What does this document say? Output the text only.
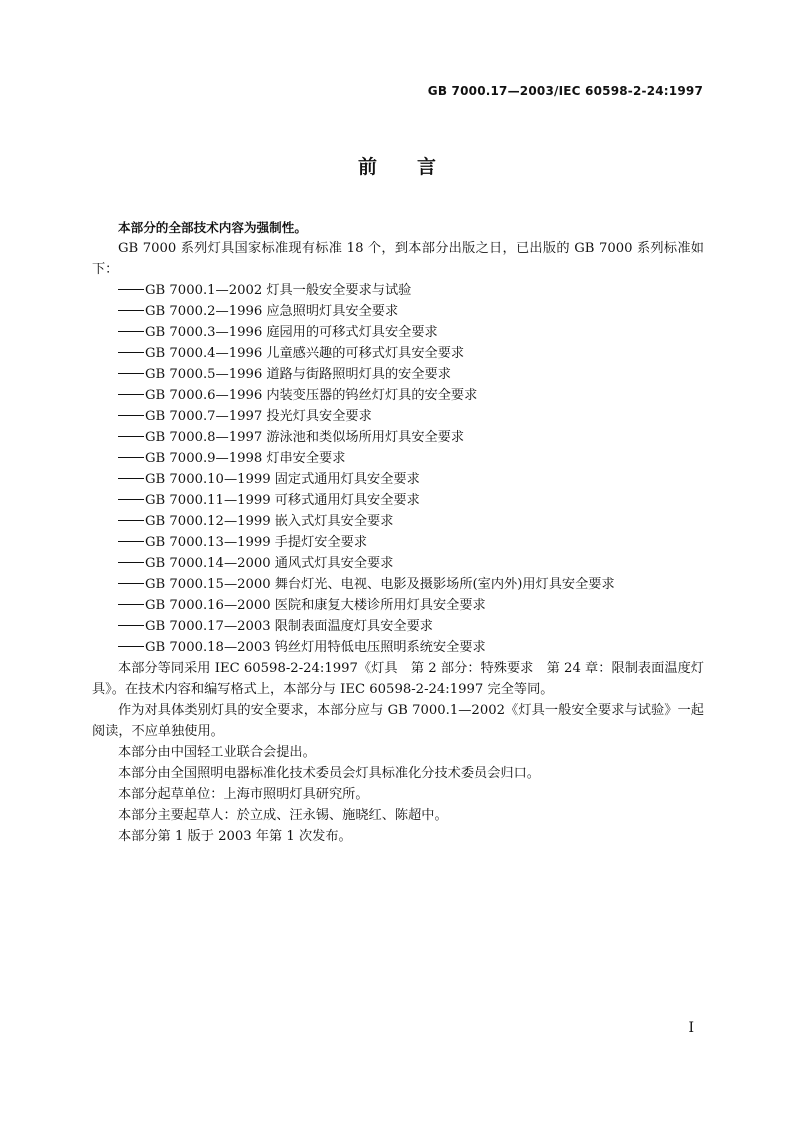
GB 7000.17—2003/IEC 60598-2-24:1997
前言

本部分的全部技术内容为强制性。

GB 7000 系列灯具国家标准现有标准 18 个，到本部分出版之日，已出版的 GB 7000 系列标准如下：

GB 7000.1—2002 灯具一般安全要求与试验
GB 7000.2—1996 应急照明灯具安全要求
GB 7000.3—1996 庭园用的可移式灯具安全要求
GB 7000.4—1996 儿童感兴趣的可移式灯具安全要求
GB 7000.5—1996 道路与街路照明灯具的安全要求
GB 7000.6—1996 内装变压器的钨丝灯灯具的安全要求
GB 7000.7—1997 投光灯具安全要求
GB 7000.8—1997 游泳池和类似场所用灯具安全要求
GB 7000.9—1998 灯串安全要求
GB 7000.10—1999 固定式通用灯具安全要求
GB 7000.11—1999 可移式通用灯具安全要求
GB 7000.12—1999 嵌入式灯具安全要求
GB 7000.13—1999 手提灯安全要求
GB 7000.14—2000 通风式灯具安全要求
GB 7000.15—2000 舞台灯光、电视、电影及摄影场所(室内外)用灯具安全要求
GB 7000.16—2000 医院和康复大楼诊所用灯具安全要求
GB 7000.17—2003 限制表面温度灯具安全要求
GB 7000.18—2003 钨丝灯用特低电压照明系统安全要求

本部分等同采用 IEC 60598-2-24:1997《灯具　第 2 部分：特殊要求　第 24 章：限制表面温度灯具》。在技术内容和编写格式上，本部分与 IEC 60598-2-24:1997 完全等同。

作为对具体类别灯具的安全要求，本部分应与 GB 7000.1—2002《灯具一般安全要求与试验》一起阅读，不应单独使用。

本部分由中国轻工业联合会提出。

本部分由全国照明电器标准化技术委员会灯具标准化分技术委员会归口。

本部分起草单位：上海市照明灯具研究所。

本部分主要起草人：於立成、汪永锡、施晓红、陈超中。

本部分第 1 版于 2003 年第 1 次发布。

I
